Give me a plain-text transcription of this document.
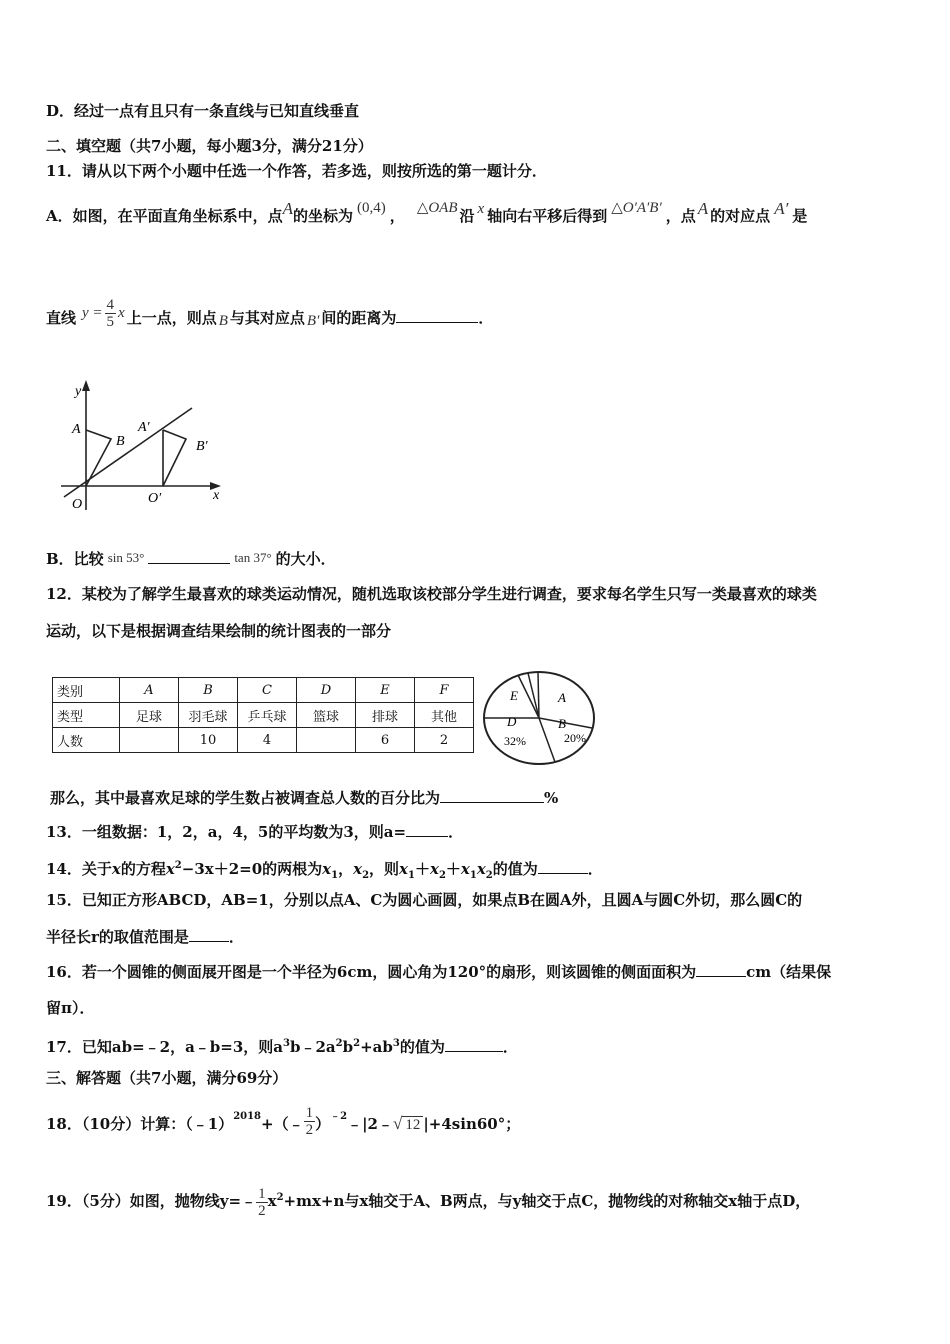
D．经过一点有且只有一条直线与已知直线垂直
二、填空题（共7小题，每小题3分，满分21分）
11．请从以下两个小题中任选一个作答，若多选，则按所选的第一题计分．
A．如图，在平面直角坐标系中，点A的坐标为 (0,4) ， △OAB 沿 x 轴向右平移后得到 △O′A′B′ ，点 A 的对应点 A′ 是
直线 $y = \frac{4}{5}$ x 上一点，则点 B 与其对应点 B′ 间的距离为	．
y
x
O	O′
A
B
A′
B′
B．比较 sin 53°	tan 37° 的大小．
12．某校为了解学生最喜欢的球类运动情况，随机选取该校部分学生进行调查，要求每名学生只写一类最喜欢的球类
运动，以下是根据调查结果绘制的统计图表的一部分
类别	A	B	C	D	E	F
类型	足球	羽毛球	乒乓球	篮球	排球	其他
人数		10	4		6	2
E	A
D	B
32%	20%
那么，其中最喜欢足球的学生数占被调查总人数的百分比为	%
13．一组数据：1，2，a，4，5的平均数为3，则a=	．
14．关于x的方程$x^2-3x+2=0$的两根为$x_1$，$x_2$，则$x_1+x_2+x_1x_2$的值为	．
15．已知正方形ABCD，AB=1，分别以点A、C为圆心画圆，如果点B在圆A外，且圆A与圆C外切，那么圆C的
半径长r的取值范围是	．
16．若一个圆锥的侧面展开图是一个半径为6cm，圆心角为120°的扇形，则该圆锥的侧面面积为	cm（结果保
留π）．
17．已知ab=﹣2，a﹣b=3，则$a^3b﹣2a^2b^2+ab^3$的值为	．
三、解答题（共7小题，满分69分）
18．（10分）计算：（﹣1）$^{2018}$+（﹣ $\frac{1}{2}$ ）$^{﹣2}$﹣|2﹣√ 12 |+4sin60°；
19．（5分）如图，抛物线y=﹣ $\frac{1}{2} x^2+mx+n$与x轴交于A、B两点，与y轴交于点C，抛物线的对称轴交x轴于点D，
